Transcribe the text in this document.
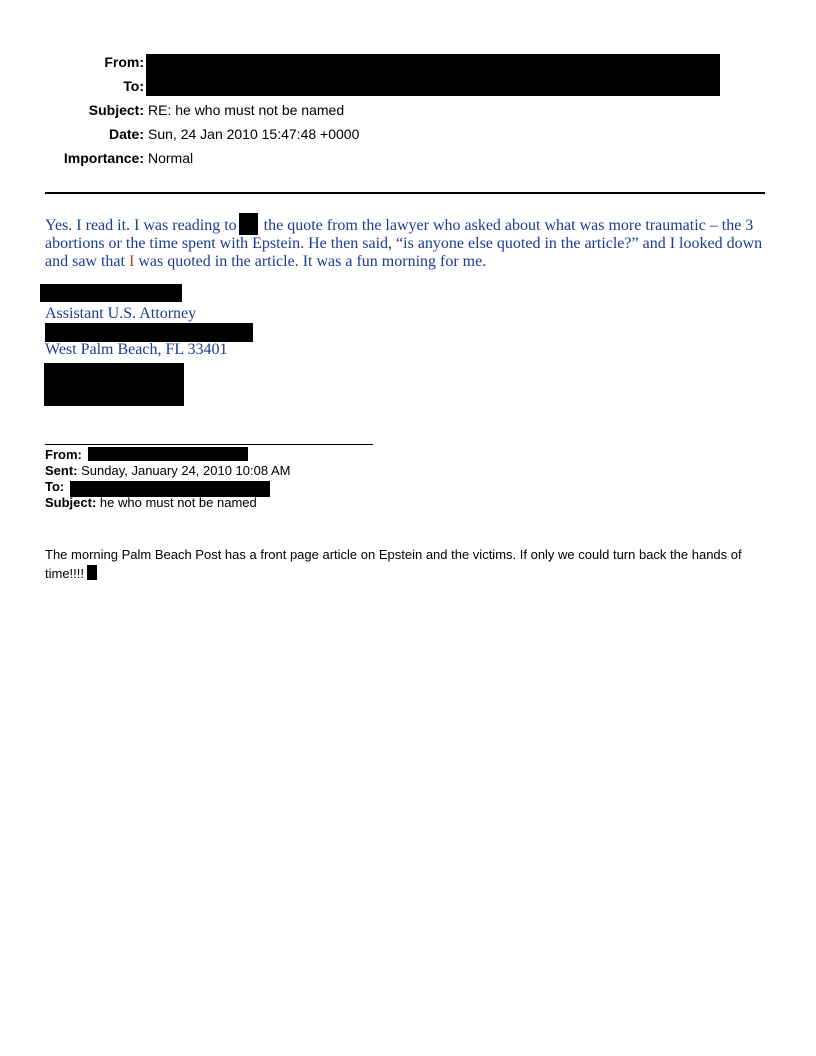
From:
To:
Subject: RE: he who must not be named
Date: Sun, 24 Jan 2010 15:47:48 +0000
Importance: Normal
Yes. I read it. I was reading to the quote from the lawyer who asked about what was more traumatic – the 3 abortions or the time spent with Epstein. He then said, “is anyone else quoted in the article?” and I looked down and saw that I was quoted in the article. It was a fun morning for me.
Assistant U.S. Attorney
West Palm Beach, FL 33401
From:
Sent: Sunday, January 24, 2010 10:08 AM
To:
Subject: he who must not be named
The morning Palm Beach Post has a front page article on Epstein and the victims. If only we could turn back the hands of time!!!!
